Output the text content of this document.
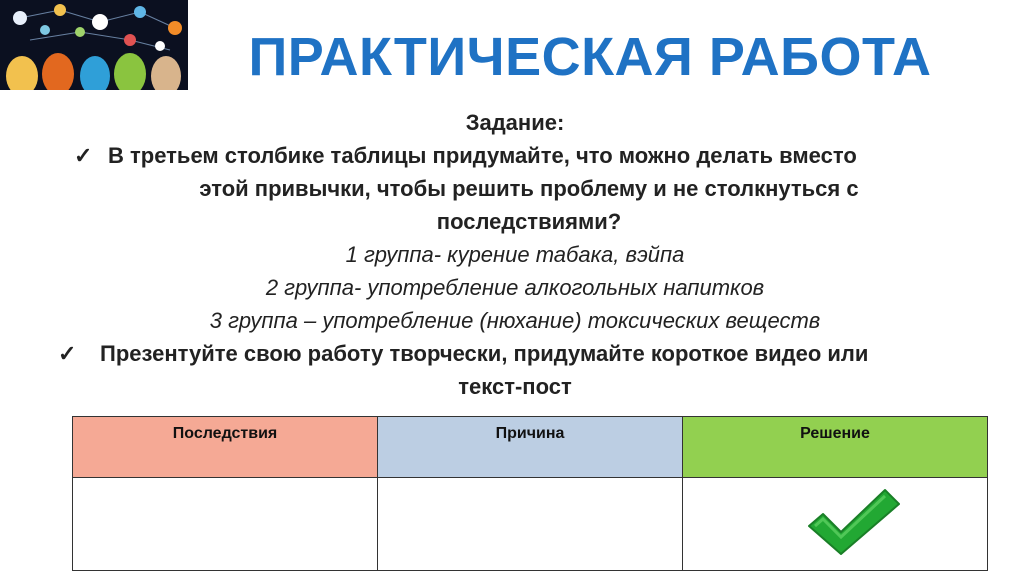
ПРАКТИЧЕСКАЯ РАБОТА
Задание:
✓ В третьем столбике таблицы придумайте, что можно делать вместо
этой привычки, чтобы решить проблему и не столкнуться с
последствиями?
1 группа- курение табака, вэйпа
2 группа- употребление алкогольных напитков
3 группа – употребление (нюхание) токсических веществ
✓ Презентуйте свою работу творчески, придумайте короткое видео или
текст-пост
Последствия	Причина	Решение
